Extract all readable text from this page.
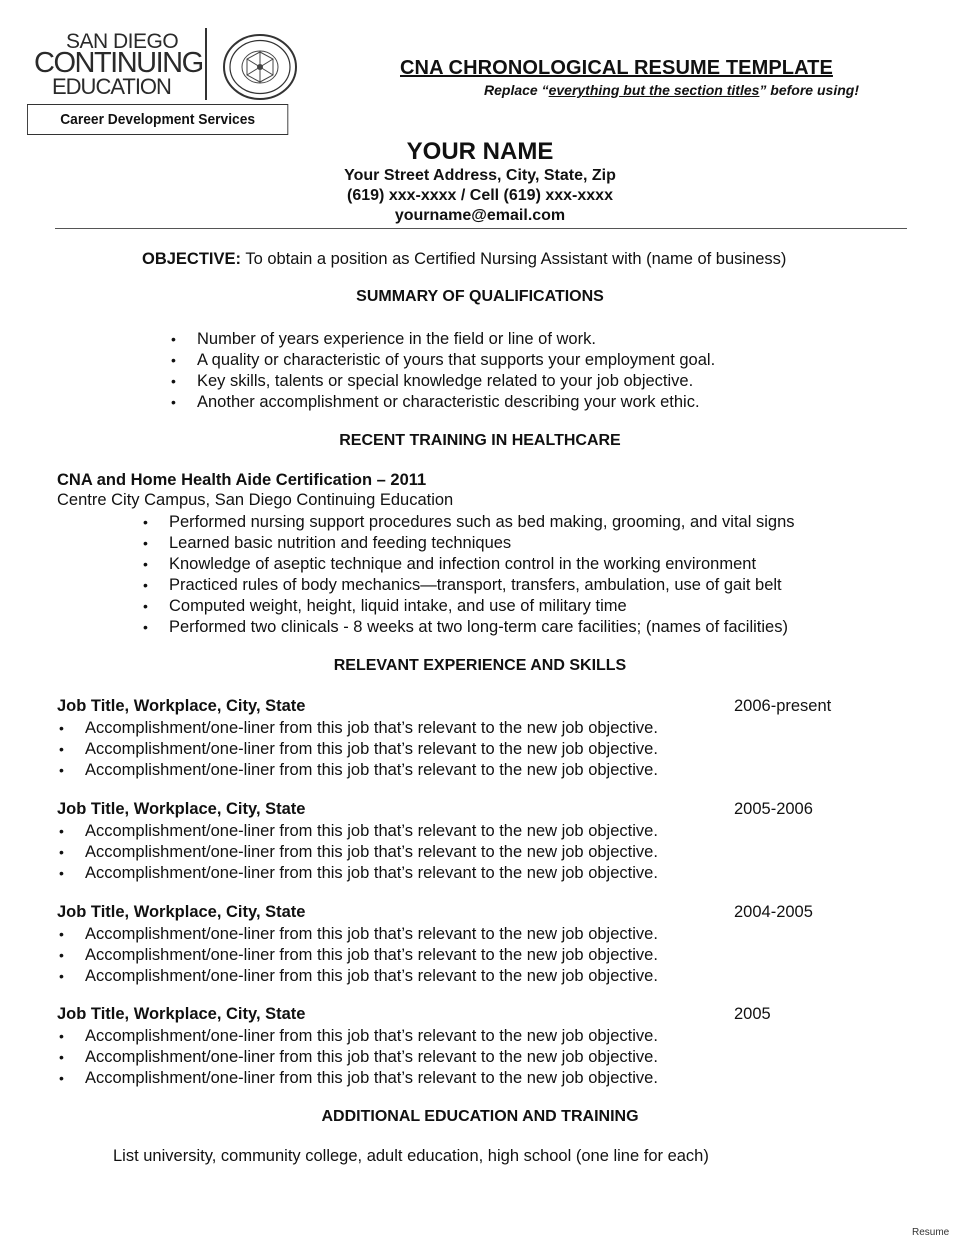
SAN DIEGO
CONTINUING
EDUCATION
Career Development Services
CNA CHRONOLOGICAL RESUME TEMPLATE
Replace “everything but the section titles” before using!
YOUR NAME
Your Street Address, City, State, Zip
(619) xxx-xxxx / Cell (619) xxx-xxxx
yourname@email.com
OBJECTIVE: To obtain a position as Certified Nursing Assistant with (name of business)
SUMMARY OF QUALIFICATIONS
• Number of years experience in the field or line of work.
• A quality or characteristic of yours that supports your employment goal.
• Key skills, talents or special knowledge related to your job objective.
• Another accomplishment or characteristic describing your work ethic.
RECENT TRAINING IN HEALTHCARE
CNA and Home Health Aide Certification – 2011
Centre City Campus, San Diego Continuing Education
• Performed nursing support procedures such as bed making, grooming, and vital signs
• Learned basic nutrition and feeding techniques
• Knowledge of aseptic technique and infection control in the working environment
• Practiced rules of body mechanics—transport, transfers, ambulation, use of gait belt
• Computed weight, height, liquid intake, and use of military time
• Performed two clinicals - 8 weeks at two long-term care facilities; (names of facilities)
RELEVANT EXPERIENCE AND SKILLS
Job Title, Workplace, City, State	2006-present
• Accomplishment/one-liner from this job that’s relevant to the new job objective.
• Accomplishment/one-liner from this job that’s relevant to the new job objective.
• Accomplishment/one-liner from this job that’s relevant to the new job objective.
Job Title, Workplace, City, State	2005-2006
• Accomplishment/one-liner from this job that’s relevant to the new job objective.
• Accomplishment/one-liner from this job that’s relevant to the new job objective.
• Accomplishment/one-liner from this job that’s relevant to the new job objective.
Job Title, Workplace, City, State	2004-2005
• Accomplishment/one-liner from this job that’s relevant to the new job objective.
• Accomplishment/one-liner from this job that’s relevant to the new job objective.
• Accomplishment/one-liner from this job that’s relevant to the new job objective.
Job Title, Workplace, City, State	2005
• Accomplishment/one-liner from this job that’s relevant to the new job objective.
• Accomplishment/one-liner from this job that’s relevant to the new job objective.
• Accomplishment/one-liner from this job that’s relevant to the new job objective.
ADDITIONAL EDUCATION AND TRAINING
List university, community college, adult education, high school (one line for each)
Resume
